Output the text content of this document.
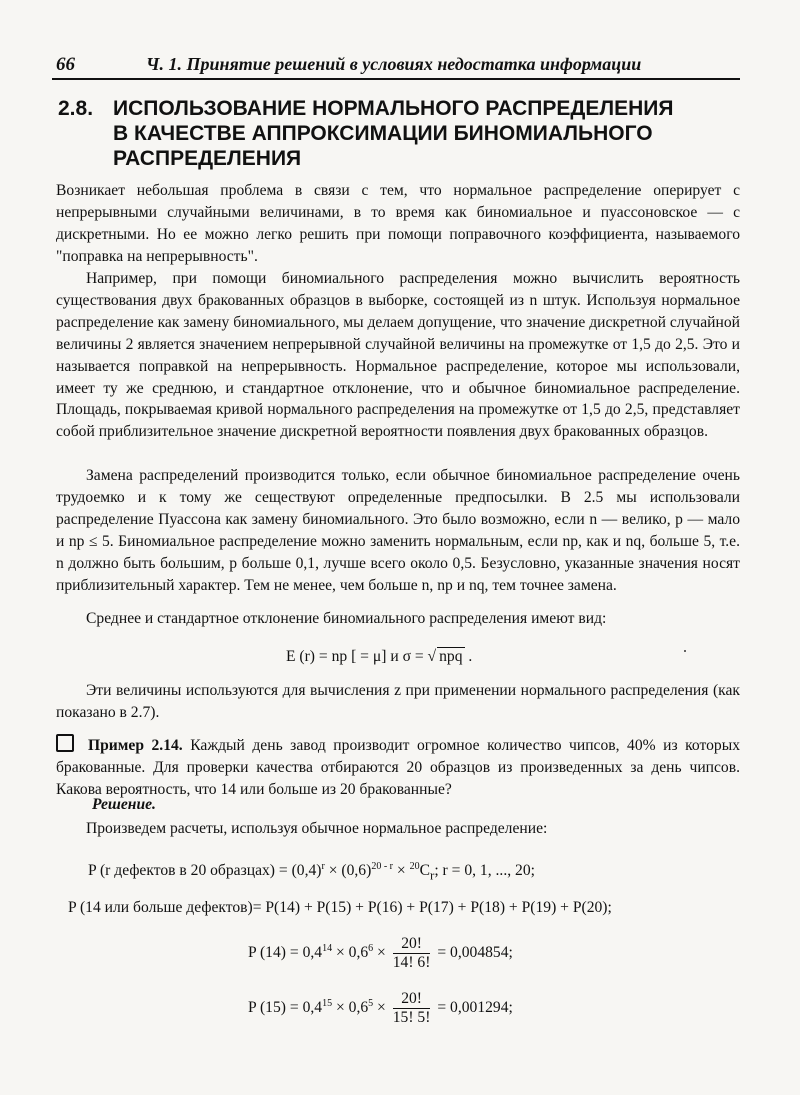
66	Ч. 1. Принятие решений в условиях недостатка информации
2.8. ИСПОЛЬЗОВАНИЕ НОРМАЛЬНОГО РАСПРЕДЕЛЕНИЯ
В КАЧЕСТВЕ АППРОКСИМАЦИИ БИНОМИАЛЬНОГО
РАСПРЕДЕЛЕНИЯ

Возникает небольшая проблема в связи с тем, что нормальное распределение оперирует с непрерывными случайными величинами, в то время как биномиальное и пуассоновское — с дискретными. Но ее можно легко решить при помощи поправочного коэффициента, называемого "поправка на непрерывность".

Например, при помощи биномиального распределения можно вычислить вероятность существования двух бракованных образцов в выборке, состоящей из n штук. Используя нормальное распределение как замену биномиального, мы делаем допущение, что значение дискретной случайной величины 2 является значением непрерывной случайной величины на промежутке от 1,5 до 2,5. Это и называется поправкой на непрерывность. Нормальное распределение, которое мы использовали, имеет ту же среднюю, и стандартное отклонение, что и обычное биномиальное распределение. Площадь, покрываемая кривой нормального распределения на промежутке от 1,5 до 2,5, представляет собой приблизительное значение дискретной вероятности появления двух бракованных образцов.

Замена распределений производится только, если обычное биномиальное распределение очень трудоемко и к тому же сеществуют определенные предпосылки. В 2.5 мы использовали распределение Пуассона как замену биномиального. Это было возможно, если n — велико, p — мало и np ≤ 5. Биномиальное распределение можно заменить нормальным, если np, как и nq, больше 5, т.е. n должно быть большим, p больше 0,1, лучше всего около 0,5. Безусловно, указанные значения носят приблизительный характер. Тем не менее, чем больше n, np и nq, тем точнее замена.

Среднее и стандартное отклонение биномиального распределения имеют вид:

E (r) = np [ = μ] и σ = √ npq .

Эти величины используются для вычисления z при применении нормального распределения (как показано в 2.7).

Пример 2.14. Каждый день завод производит огромное количество чипсов, 40% из которых бракованные. Для проверки качества отбираются 20 образцов из произведенных за день чипсов. Какова вероятность, что 14 или больше из 20 бракованные?

Решение.

Произведем расчеты, используя обычное нормальное распределение:

P (r дефектов в 20 образцах) = $(0,4)^r \times (0,6)^{20 - r} \times ^{20}C_r$; r = 0, 1, ..., 20;
P (14 или больше дефектов)= P(14) + P(15) + P(16) + P(17) + P(18) + P(19) + P(20);
P $(14) = 0,4^{14} \times 0,6^6 \times \frac{20!}{14! 6!} = 0,004854$;
P $(15) = 0,4^{15} \times 0,6^5 \times \frac{20!}{15! 5!} = 0,001294$;
